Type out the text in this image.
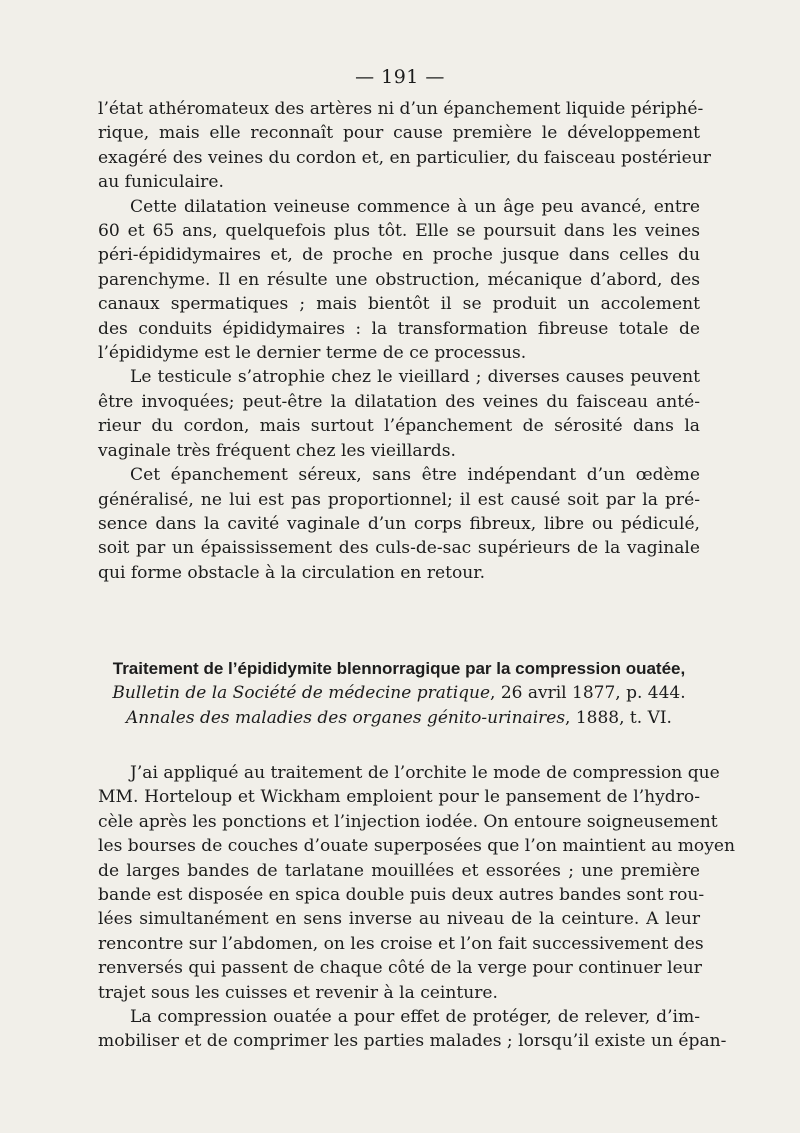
— 191 —
l’état athéromateux des artères ni d’un épanchement liquide périphé-
rique, mais elle reconnaît pour cause première le développement
exagéré des veines du cordon et, en particulier, du faisceau postérieur
au funiculaire.
Cette dilatation veineuse commence à un âge peu avancé, entre
60 et 65 ans, quelquefois plus tôt. Elle se poursuit dans les veines
péri-épididymaires et, de proche en proche jusque dans celles du
parenchyme. Il en résulte une obstruction, mécanique d’abord, des
canaux spermatiques ; mais bientôt il se produit un accolement
des conduits épididymaires : la transformation fibreuse totale de
l’épididyme est le dernier terme de ce processus.
Le testicule s’atrophie chez le vieillard ; diverses causes peuvent
être invoquées; peut-être la dilatation des veines du faisceau anté-
rieur du cordon, mais surtout l’épanchement de sérosité dans la
vaginale très fréquent chez les vieillards.
Cet épanchement séreux, sans être indépendant d’un œdème
généralisé, ne lui est pas proportionnel; il est causé soit par la pré-
sence dans la cavité vaginale d’un corps fibreux, libre ou pédiculé,
soit par un épaississement des culs-de-sac supérieurs de la vaginale
qui forme obstacle à la circulation en retour.
Traitement de l’épididymite blennorragique par la compression ouatée,
Bulletin de la Société de médecine pratique, 26 avril 1877, p. 444.
Annales des maladies des organes génito-urinaires, 1888, t. VI.
J’ai appliqué au traitement de l’orchite le mode de compression que
MM. Horteloup et Wickham emploient pour le pansement de l’hydro-
cèle après les ponctions et l’injection iodée. On entoure soigneusement
les bourses de couches d’ouate superposées que l’on maintient au moyen
de larges bandes de tarlatane mouillées et essorées ; une première
bande est disposée en spica double puis deux autres bandes sont rou-
lées simultanément en sens inverse au niveau de la ceinture. A leur
rencontre sur l’abdomen, on les croise et l’on fait successivement des
renversés qui passent de chaque côté de la verge pour continuer leur
trajet sous les cuisses et revenir à la ceinture.
La compression ouatée a pour effet de protéger, de relever, d’im-
mobiliser et de comprimer les parties malades ; lorsqu’il existe un épan-
